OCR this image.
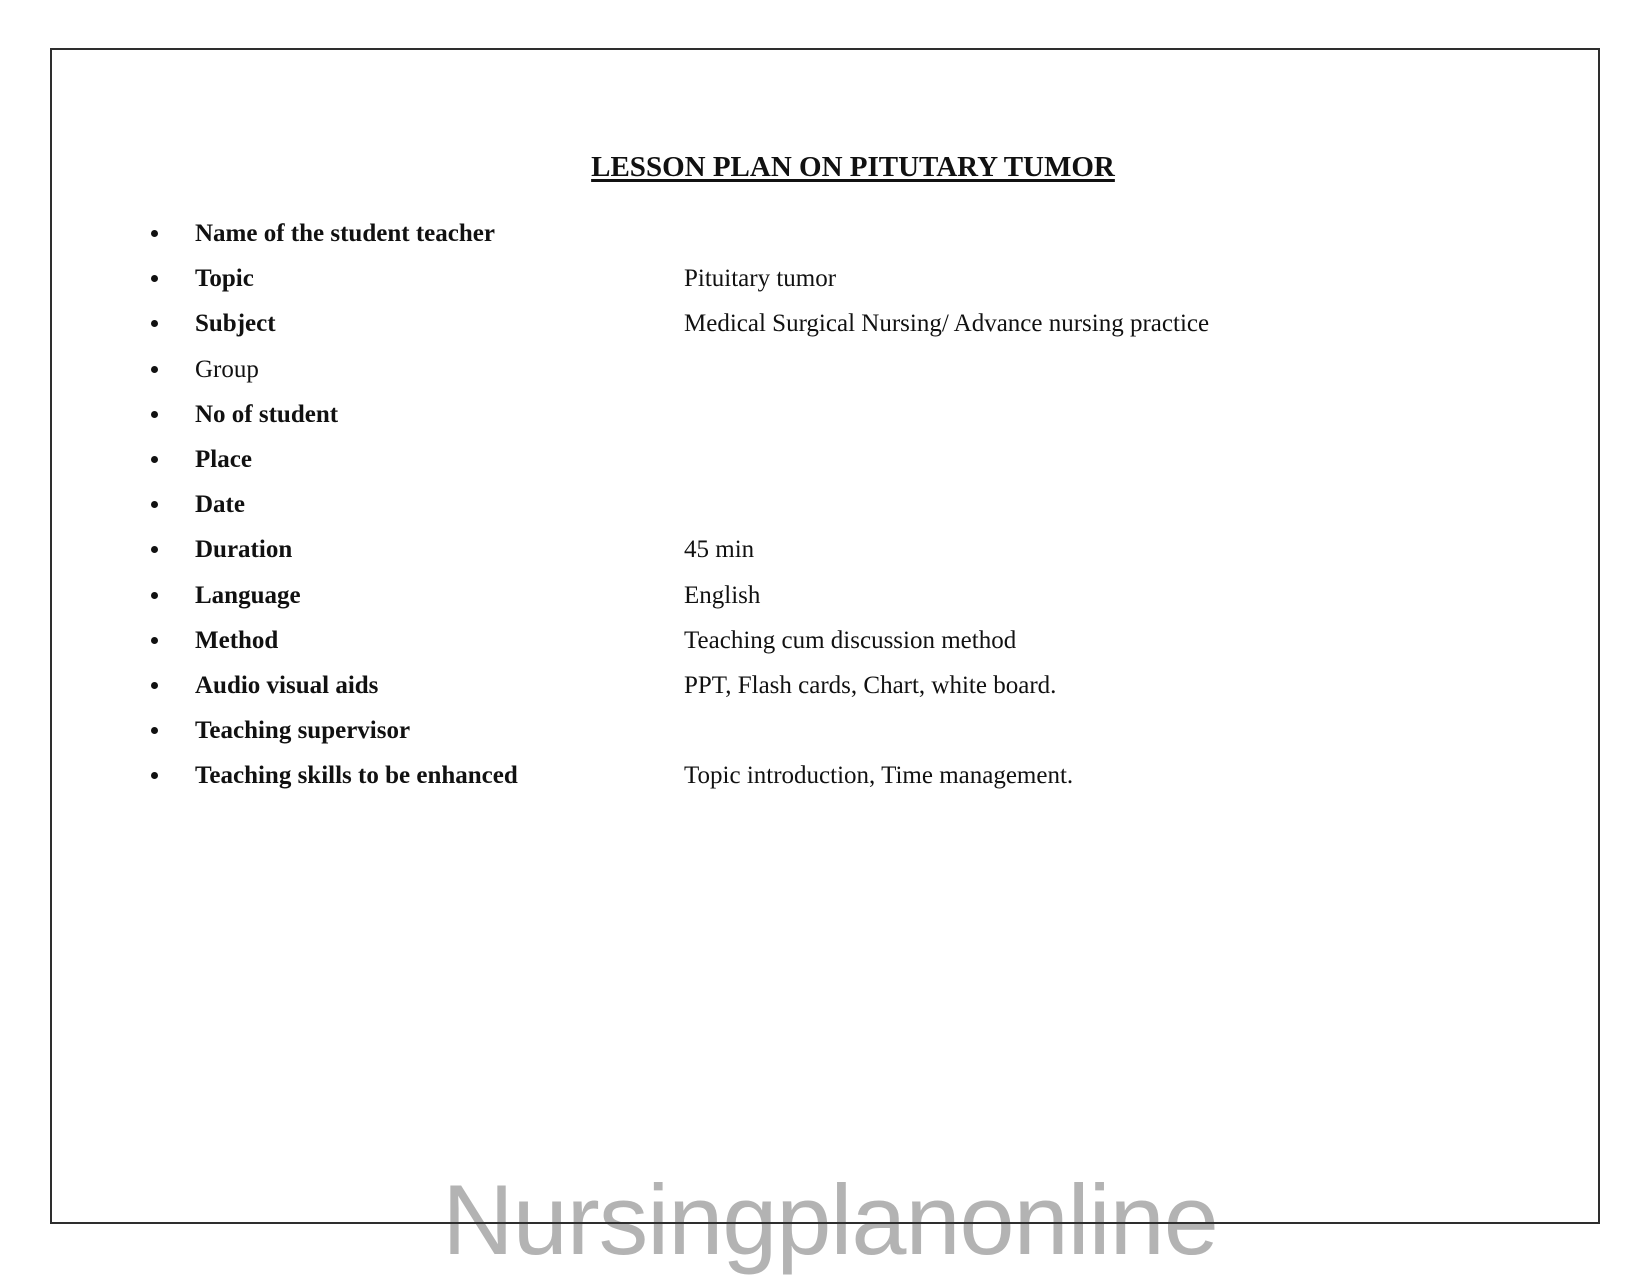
Nursingplanonline
LESSON PLAN ON PITUTARY TUMOR
Name of the student teacher
Topic	Pituitary tumor
Subject	Medical Surgical Nursing/ Advance nursing practice
Group
No of student
Place
Date
Duration	45 min
Language	English
Method	Teaching cum discussion method
Audio visual aids	PPT, Flash cards, Chart, white board.
Teaching supervisor
Teaching skills to be enhanced	Topic introduction, Time management.
